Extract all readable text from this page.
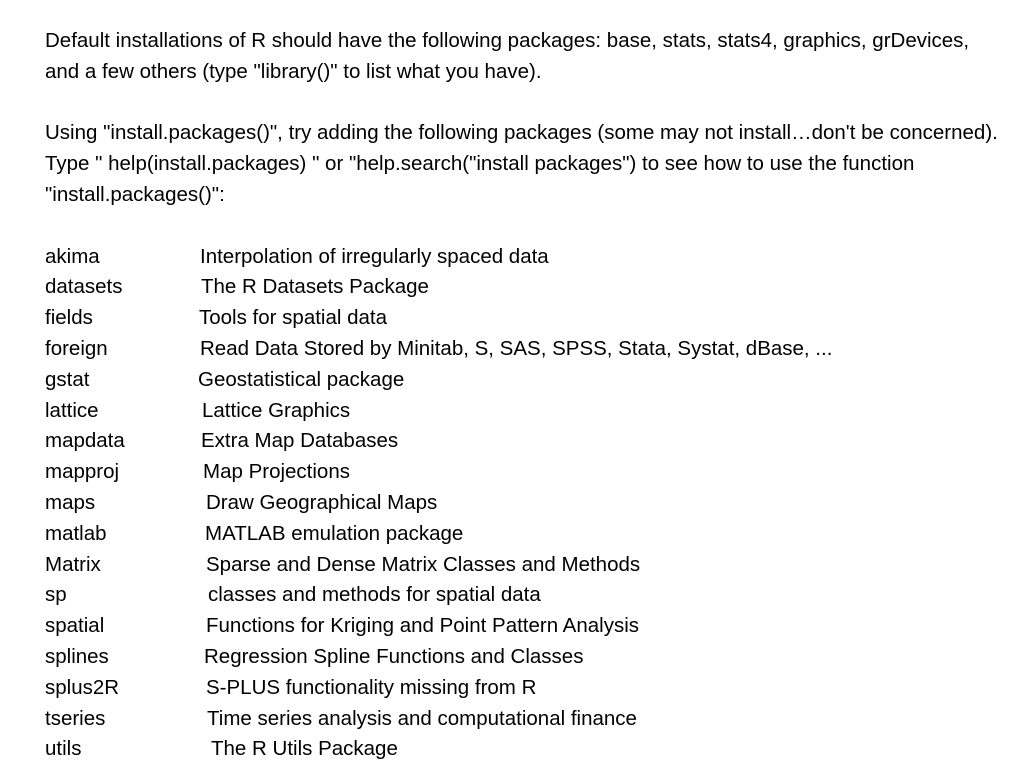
Default installations of R should have the following packages: base, stats, stats4, graphics, grDevices, and a few others (type "library()" to list what you have).

Using "install.packages()", try adding the following packages (some may not install…don't be concerned). Type " help(install.packages) " or "help.search("install packages") to see how to use the function "install.packages()":

akima	Interpolation of irregularly spaced data
datasets	The R Datasets Package
fields	Tools for spatial data
foreign	Read Data Stored by Minitab, S, SAS, SPSS, Stata, Systat, dBase, ...
gstat	Geostatistical package
lattice	Lattice Graphics
mapdata	Extra Map Databases
mapproj	Map Projections
maps	Draw Geographical Maps
matlab	MATLAB emulation package
Matrix	Sparse and Dense Matrix Classes and Methods
sp	classes and methods for spatial data
spatial	Functions for Kriging and Point Pattern Analysis
splines	Regression Spline Functions and Classes
splus2R	S-PLUS functionality missing from R
tseries	Time series analysis and computational finance
utils	The R Utils Package
